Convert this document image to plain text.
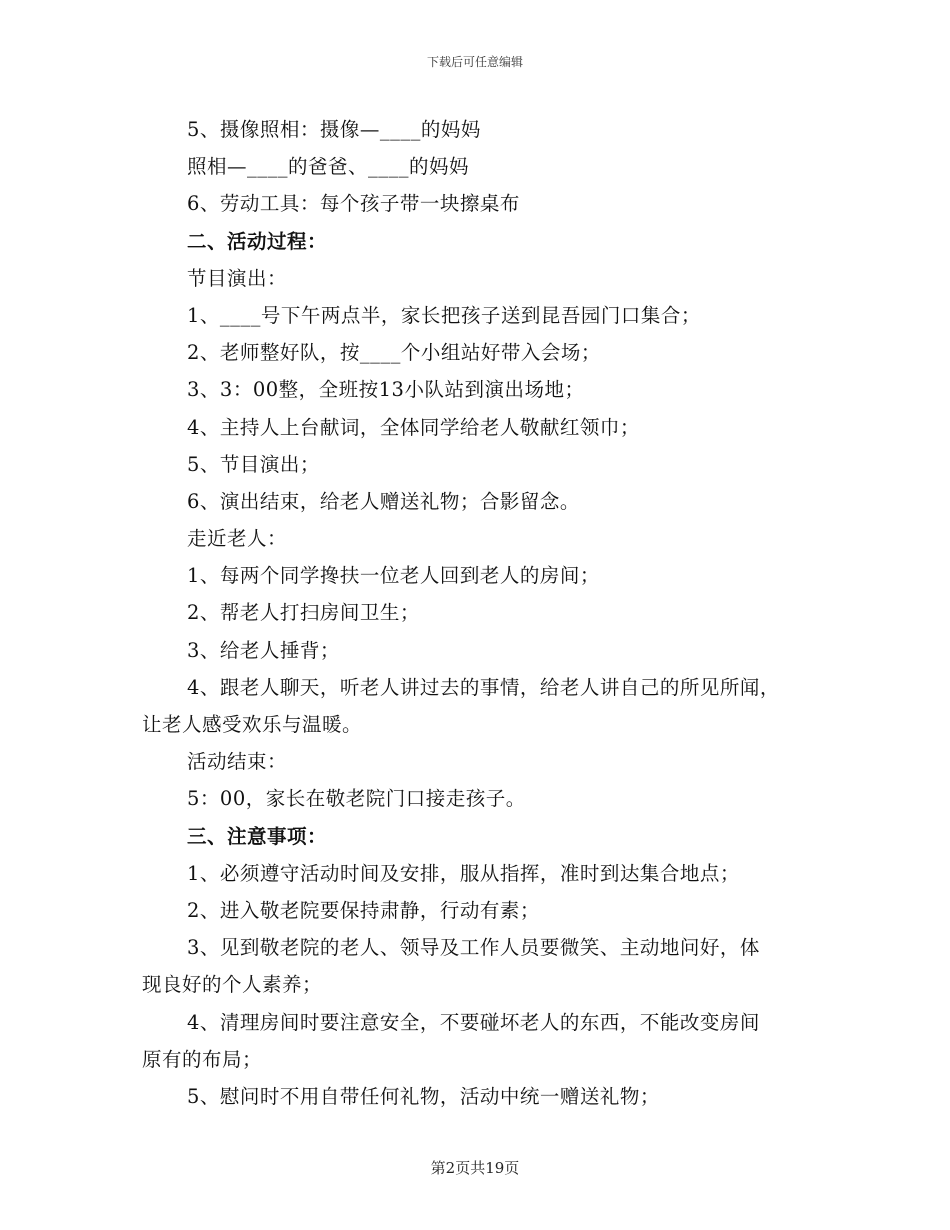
下载后可任意编辑
5、摄像照相：摄像—____的妈妈
照相—____的爸爸、____的妈妈
6、劳动工具：每个孩子带一块擦桌布
二、活动过程：
节目演出：
1、____号下午两点半，家长把孩子送到昆吾园门口集合；
2、老师整好队，按____个小组站好带入会场；
3、3：00整，全班按13小队站到演出场地；
4、主持人上台献词，全体同学给老人敬献红领巾；
5、节目演出；
6、演出结束，给老人赠送礼物；合影留念。
走近老人：
1、每两个同学搀扶一位老人回到老人的房间；
2、帮老人打扫房间卫生；
3、给老人捶背；
4、跟老人聊天，听老人讲过去的事情，给老人讲自己的所见所闻，
让老人感受欢乐与温暖。
活动结束：
5：00，家长在敬老院门口接走孩子。
三、注意事项：
1、必须遵守活动时间及安排，服从指挥，准时到达集合地点；
2、进入敬老院要保持肃静，行动有素；
3、见到敬老院的老人、领导及工作人员要微笑、主动地问好，体
现良好的个人素养；
4、清理房间时要注意安全，不要碰坏老人的东西，不能改变房间
原有的布局；
5、慰问时不用自带任何礼物，活动中统一赠送礼物；
第2页共19页
